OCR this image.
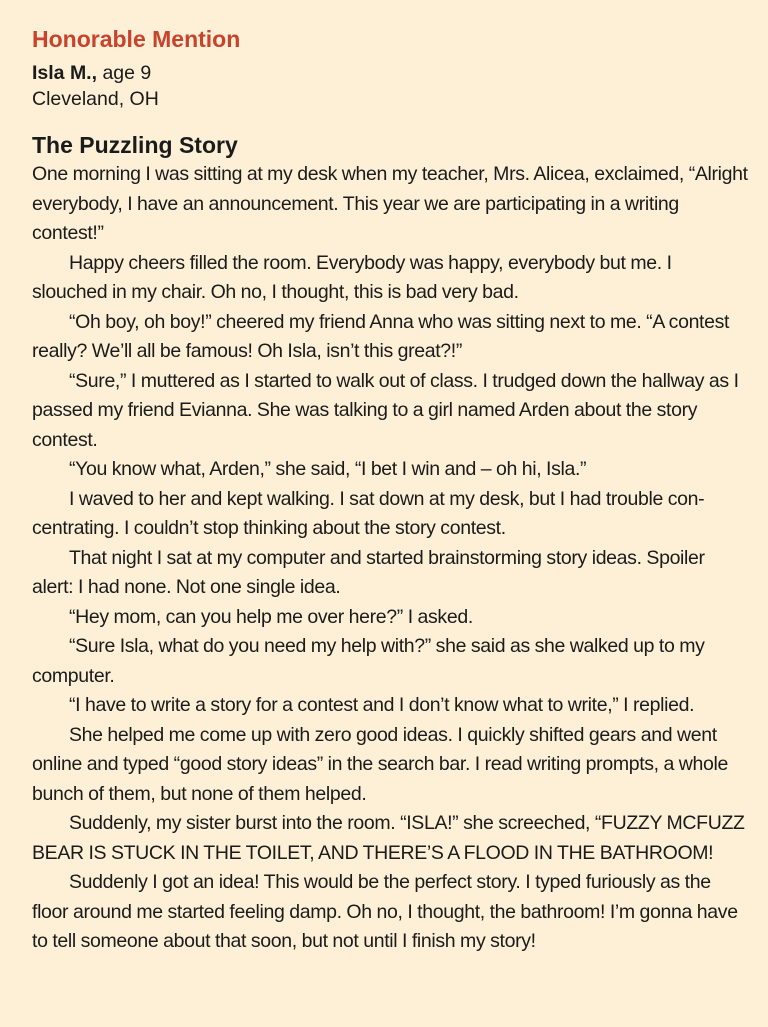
Honorable Mention
Isla M., age 9
Cleveland, OH
The Puzzling Story

One morning I was sitting at my desk when my teacher, Mrs. Alicea, exclaimed, “Alright everybody, I have an announcement. This year we are participating in a writing contest!”

Happy cheers filled the room. Everybody was happy, everybody but me. I slouched in my chair. Oh no, I thought, this is bad very bad.

“Oh boy, oh boy!” cheered my friend Anna who was sitting next to me. “A contest really? We’ll all be famous! Oh Isla, isn’t this great?!”

“Sure,” I muttered as I started to walk out of class. I trudged down the hallway as I passed my friend Evianna. She was talking to a girl named Arden about the story contest.

“You know what, Arden,” she said, “I bet I win and – oh hi, Isla.”

I waved to her and kept walking. I sat down at my desk, but I had trouble concentrating. I couldn’t stop thinking about the story contest.

That night I sat at my computer and started brainstorming story ideas. Spoiler alert: I had none. Not one single idea.

“Hey mom, can you help me over here?” I asked.

“Sure Isla, what do you need my help with?” she said as she walked up to my computer.

“I have to write a story for a contest and I don’t know what to write,” I replied.

She helped me come up with zero good ideas. I quickly shifted gears and went online and typed “good story ideas” in the search bar. I read writing prompts, a whole bunch of them, but none of them helped.

Suddenly, my sister burst into the room. “ISLA!” she screeched, “FUZZY MCFUZZ BEAR IS STUCK IN THE TOILET, AND THERE’S A FLOOD IN THE BATHROOM!

Suddenly I got an idea! This would be the perfect story. I typed furiously as the floor around me started feeling damp. Oh no, I thought, the bathroom! I’m gonna have to tell someone about that soon, but not until I finish my story!
